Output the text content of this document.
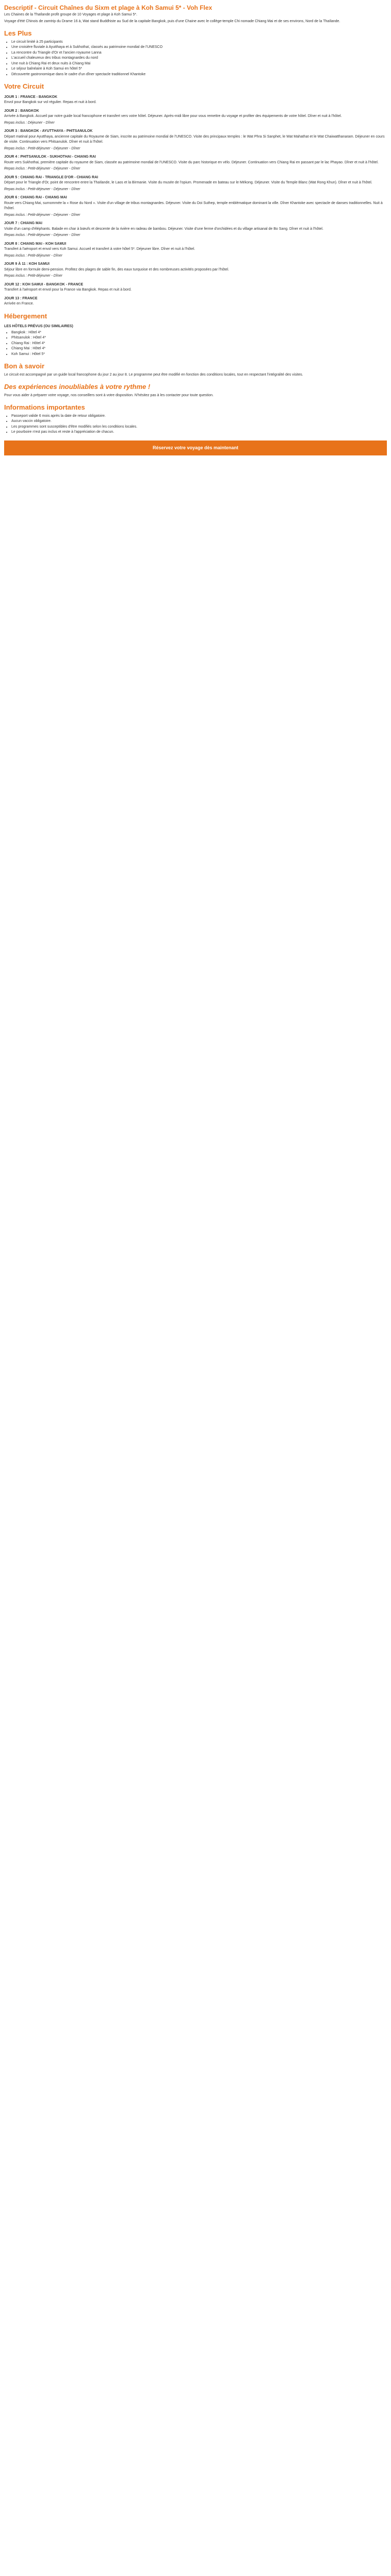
Descriptif - Circuit Chaînes du Sixm et plage à Koh Samui 5* - Voh Flex
Les Chaines de la Thaïlande profit groupe de 10 Voyages et plage à Koh Samui 5*.
Voyage d'été Chinois de zamtrip du Drame 16 à, Wat stand Buddhiste au Sud de la capitale Bangkok, puis d'une Chaine avec le collège-temple Chi nomade Chiang Mai et de ses environs, Nord de la Thaïlande.
Les Plus
• Le circuit limité à 25 participants
• Une croisière fluviale à Ayutthaya et à Sukhothaï, classés au patrimoine mondial de l'UNESCO
• La rencontre du Triangle d'Or et l'ancien royaume Lanna
• L'accueil chaleureux des tribus montagnardes du nord
• Une nuit à Chiang Rai et deux nuits à Chiang Mai
• Le séjour balnéaire à Koh Samui en hôtel 5*
• Découverte gastronomique dans le cadre d'un dîner spectacle traditionnel Khantoke
Votre Circuit
JOUR 1 : FRANCE - BANGKOK
Envol pour Bangkok sur vol régulier. Repas et nuit à bord.
JOUR 2 : BANGKOK
Arrivée à Bangkok. Accueil par notre guide local francophone et transfert vers votre hôtel. Déjeuner. Après-midi libre pour vous remettre du voyage et profiter des équipements de votre hôtel. Dîner et nuit à l'hôtel.
Repas inclus : Déjeuner - Dîner
JOUR 3 : BANGKOK - AYUTTHAYA - PHITSANULOK
Départ matinal pour Ayutthaya, ancienne capitale du Royaume de Siam, inscrite au patrimoine mondial de l'UNESCO. Visite des principaux temples : le Wat Phra Si Sanphet, le Wat Mahathat et le Wat Chaiwatthanaram. Déjeuner en cours de visite. Continuation vers Phitsanulok. Dîner et nuit à l'hôtel.
Repas inclus : Petit-déjeuner - Déjeuner - Dîner
JOUR 4 : PHITSANULOK - SUKHOTHAI - CHIANG RAI
Route vers Sukhothai, première capitale du royaume de Siam, classée au patrimoine mondial de l'UNESCO. Visite du parc historique en vélo. Déjeuner. Continuation vers Chiang Rai en passant par le lac Phayao. Dîner et nuit à l'hôtel.
Repas inclus : Petit-déjeuner - Déjeuner - Dîner
JOUR 5 : CHIANG RAI - TRIANGLE D'OR - CHIANG RAI
Départ pour le Triangle d'Or, point de rencontre entre la Thaïlande, le Laos et la Birmanie. Visite du musée de l'opium. Promenade en bateau sur le Mékong. Déjeuner. Visite du Temple Blanc (Wat Rong Khun). Dîner et nuit à l'hôtel.
Repas inclus : Petit-déjeuner - Déjeuner - Dîner
JOUR 6 : CHIANG RAI - CHIANG MAI
Route vers Chiang Mai, surnommée la « Rose du Nord ». Visite d'un village de tribus montagnardes. Déjeuner. Visite du Doi Suthep, temple emblématique dominant la ville. Dîner Khantoke avec spectacle de danses traditionnelles. Nuit à l'hôtel.
Repas inclus : Petit-déjeuner - Déjeuner - Dîner
JOUR 7 : CHIANG MAI
Visite d'un camp d'éléphants. Balade en char à bœufs et descente de la rivière en radeau de bambou. Déjeuner. Visite d'une ferme d'orchidées et du village artisanal de Bo Sang. Dîner et nuit à l'hôtel.
Repas inclus : Petit-déjeuner - Déjeuner - Dîner
JOUR 8 : CHIANG MAI - KOH SAMUI
Transfert à l'aéroport et envol vers Koh Samui. Accueil et transfert à votre hôtel 5*. Déjeuner libre. Dîner et nuit à l'hôtel.
Repas inclus : Petit-déjeuner - Dîner
JOUR 9 À 11 : KOH SAMUI
Séjour libre en formule demi-pension. Profitez des plages de sable fin, des eaux turquoise et des nombreuses activités proposées par l'hôtel.
Repas inclus : Petit-déjeuner - Dîner
JOUR 12 : KOH SAMUI - BANGKOK - FRANCE
Transfert à l'aéroport et envol pour la France via Bangkok. Repas et nuit à bord.
JOUR 13 : FRANCE
Arrivée en France.
Hébergement
LES HÔTELS PRÉVUS (OU SIMILAIRES)
• Bangkok : Hôtel 4*
• Phitsanulok : Hôtel 4*
• Chiang Rai : Hôtel 4*
• Chiang Mai : Hôtel 4*
• Koh Samui : Hôtel 5*
Bon à savoir
Le circuit est accompagné par un guide local francophone du jour 2 au jour 8. Le programme peut être modifié en fonction des conditions locales, tout en respectant l'intégralité des visites.
Des expériences inoubliables à votre rythme !
Pour vous aider à préparer votre voyage, nos conseillers sont à votre disposition. N'hésitez pas à les contacter pour toute question.
Informations importantes
• Passeport valide 6 mois après la date de retour obligatoire.
• Aucun vaccin obligatoire.
• Les programmes sont susceptibles d'être modifiés selon les conditions locales.
• Le pourboire n'est pas inclus et reste à l'appréciation de chacun.
Réservez votre voyage dès maintenant
